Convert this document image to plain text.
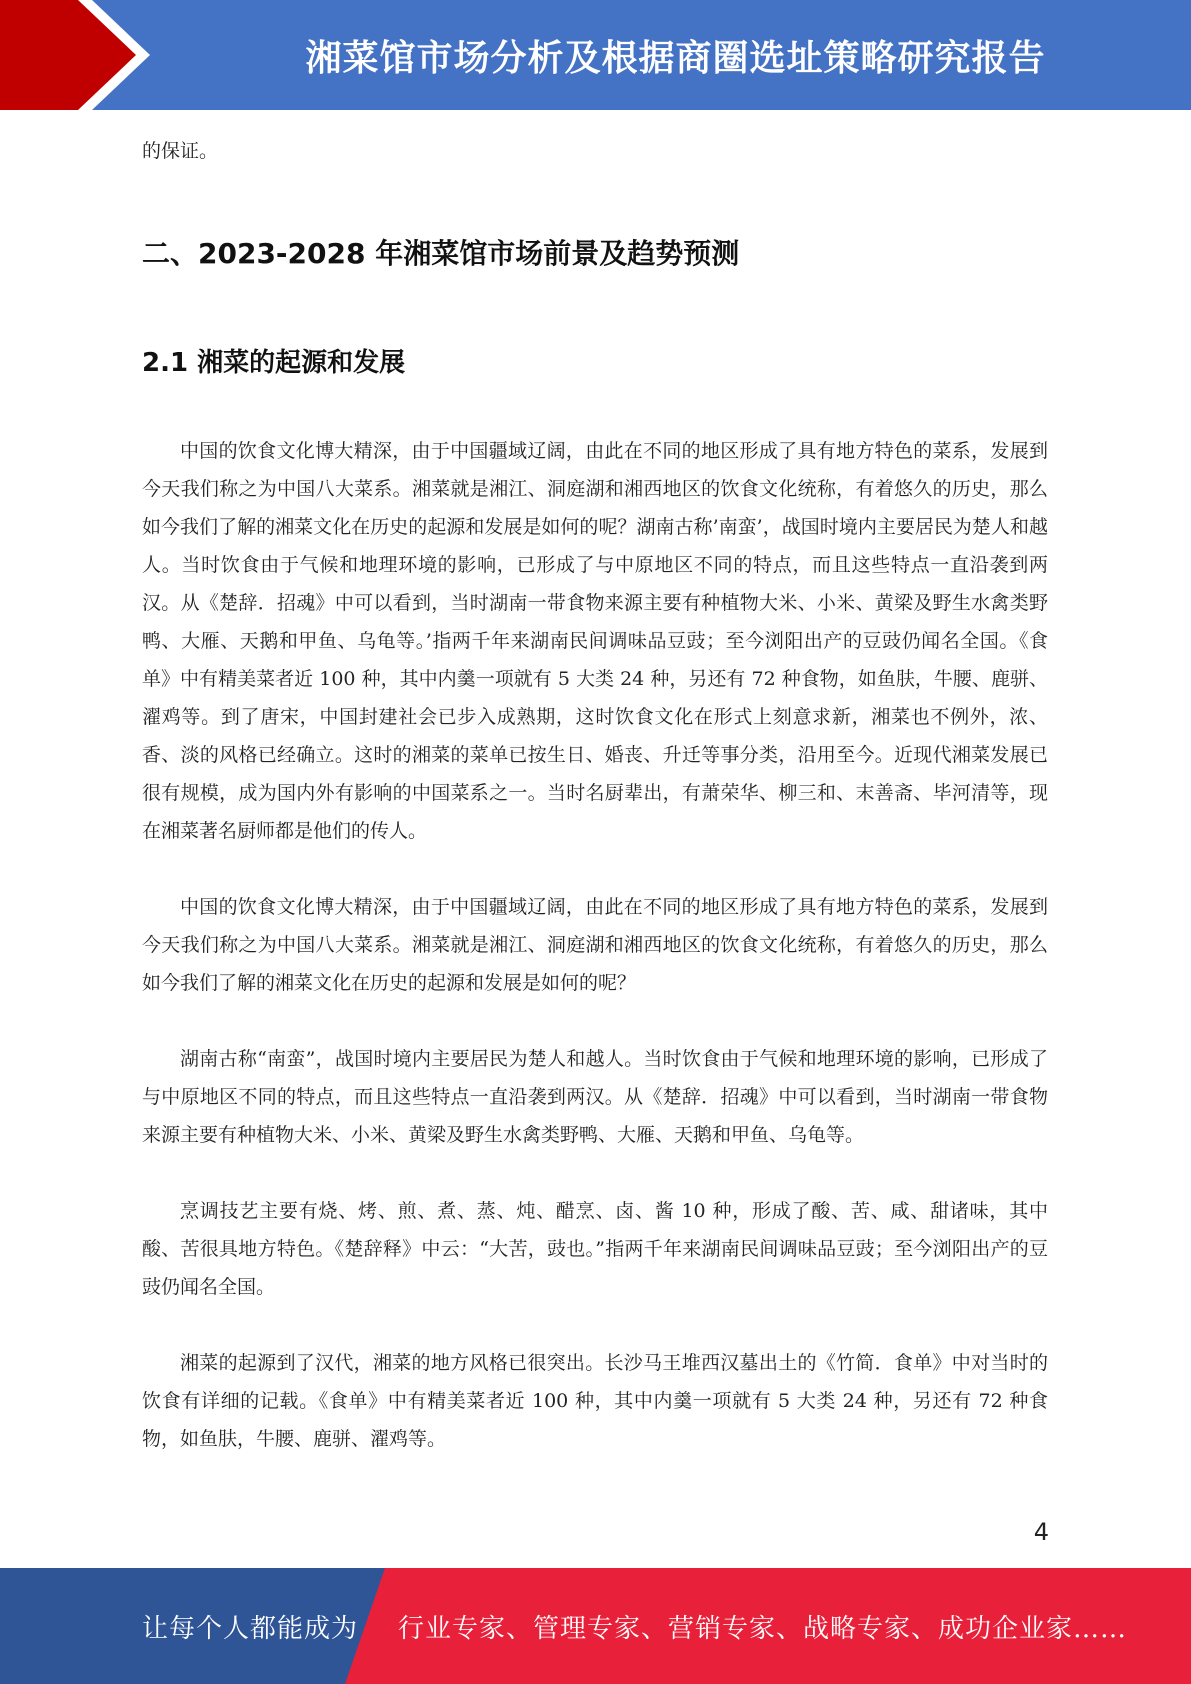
湘菜馆市场分析及根据商圈选址策略研究报告

的保证。

二、2023-2028 年湘菜馆市场前景及趋势预测
2.1 湘菜的起源和发展

中国的饮食文化博大精深，由于中国疆域辽阔，由此在不同的地区形成了具有地方特色的菜系，发展到今天我们称之为中国八大菜系。湘菜就是湘江、洞庭湖和湘西地区的饮食文化统称，有着悠久的历史，那么如今我们了解的湘菜文化在历史的起源和发展是如何的呢？湖南古称’南蛮’，战国时境内主要居民为楚人和越人。当时饮食由于气候和地理环境的影响，已形成了与中原地区不同的特点，而且这些特点一直沿袭到两汉。从《楚辞．招魂》中可以看到，当时湖南一带食物来源主要有种植物大米、小米、黄梁及野生水禽类野鸭、大雁、天鹅和甲鱼、乌龟等。’指两千年来湖南民间调味品豆豉；至今浏阳出产的豆豉仍闻名全国。《食单》中有精美菜者近 100 种，其中内羹一项就有 5 大类 24 种，另还有 72 种食物，如鱼肤，牛腰、鹿骈、濯鸡等。到了唐宋，中国封建社会已步入成熟期，这时饮食文化在形式上刻意求新，湘菜也不例外，浓、香、淡的风格已经确立。这时的湘菜的菜单已按生日、婚丧、升迁等事分类，沿用至今。近现代湘菜发展已很有规模，成为国内外有影响的中国菜系之一。当时名厨辈出，有萧荣华、柳三和、末善斋、毕河清等，现在湘菜著名厨师都是他们的传人。

中国的饮食文化博大精深，由于中国疆域辽阔，由此在不同的地区形成了具有地方特色的菜系，发展到今天我们称之为中国八大菜系。湘菜就是湘江、洞庭湖和湘西地区的饮食文化统称，有着悠久的历史，那么如今我们了解的湘菜文化在历史的起源和发展是如何的呢？

湖南古称“南蛮”，战国时境内主要居民为楚人和越人。当时饮食由于气候和地理环境的影响，已形成了与中原地区不同的特点，而且这些特点一直沿袭到两汉。从《楚辞．招魂》中可以看到，当时湖南一带食物来源主要有种植物大米、小米、黄梁及野生水禽类野鸭、大雁、天鹅和甲鱼、乌龟等。

烹调技艺主要有烧、烤、煎、煮、蒸、炖、醋烹、卤、酱 10 种，形成了酸、苦、咸、甜诸味，其中酸、苦很具地方特色。《楚辞释》中云：“大苦，豉也。”指两千年来湖南民间调味品豆豉；至今浏阳出产的豆豉仍闻名全国。

湘菜的起源到了汉代，湘菜的地方风格已很突出。长沙马王堆西汉墓出土的《竹简．食单》中对当时的饮食有详细的记载。《食单》中有精美菜者近 100 种，其中内羹一项就有 5 大类 24 种，另还有 72 种食物，如鱼肤，牛腰、鹿骈、濯鸡等。

4
让每个人都能成为 行业专家、管理专家、营销专家、战略专家、成功企业家……
